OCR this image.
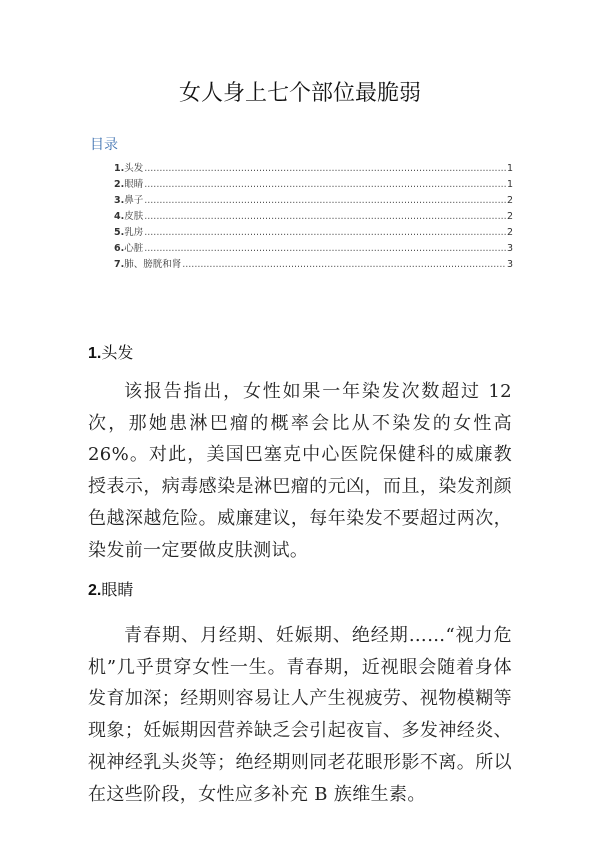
女人身上七个部位最脆弱
目录
1. 头发 .....	1
2. 眼睛 .....	1
3. 鼻子 .....	2
4. 皮肤 .....	2
5. 乳房 .....	2
6. 心脏 .....	3
7. 肺、膀胱和肾 .....	3
1.头发
该报告指出，女性如果一年染发次数超过 12 次，那她患淋巴瘤的概率会比从不染发的女性高 26%。对此，美国巴塞克中心医院保健科的威廉教授表示，病毒感染是淋巴瘤的元凶，而且，染发剂颜色越深越危险。威廉建议，每年染发不要超过两次，染发前一定要做皮肤测试。
2.眼睛
青春期、月经期、妊娠期、绝经期……“视力危机”几乎贯穿女性一生。青春期，近视眼会随着身体发育加深；经期则容易让人产生视疲劳、视物模糊等现象；妊娠期因营养缺乏会引起夜盲、多发神经炎、视神经乳头炎等；绝经期则同老花眼形影不离。所以在这些阶段，女性应多补充 B 族维生素。
